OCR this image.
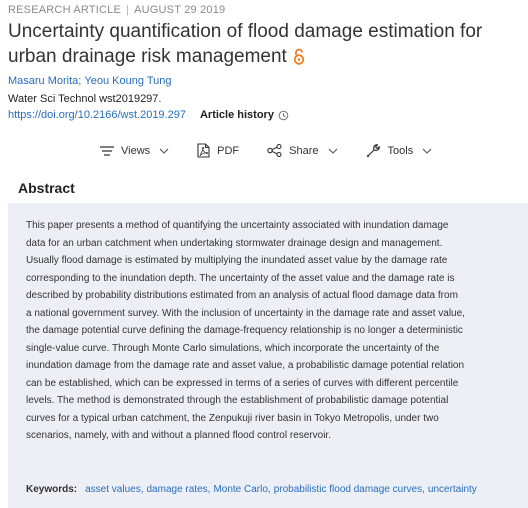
RESEARCH ARTICLE | AUGUST 29 2019
Uncertainty quantification of flood damage estimation for urban drainage risk management
Masaru Morita; Yeou Koung Tung
Water Sci Technol wst2019297.
https://doi.org/10.2166/wst.2019.297 Article history
Views	PDF	Share	Tools
Abstract
This paper presents a method of quantifying the uncertainty associated with inundation damage
data for an urban catchment when undertaking stormwater drainage design and management.
Usually flood damage is estimated by multiplying the inundated asset value by the damage rate
corresponding to the inundation depth. The uncertainty of the asset value and the damage rate is
described by probability distributions estimated from an analysis of actual flood damage data from
a national government survey. With the inclusion of uncertainty in the damage rate and asset value,
the damage potential curve defining the damage-frequency relationship is no longer a deterministic
single-value curve. Through Monte Carlo simulations, which incorporate the uncertainty of the
inundation damage from the damage rate and asset value, a probabilistic damage potential relation
can be established, which can be expressed in terms of a series of curves with different percentile
levels. The method is demonstrated through the establishment of probabilistic damage potential
curves for a typical urban catchment, the Zenpukuji river basin in Tokyo Metropolis, under two
scenarios, namely, with and without a planned flood control reservoir.
Keywords: asset values, damage rates, Monte Carlo, probabilistic flood damage curves, uncertainty
